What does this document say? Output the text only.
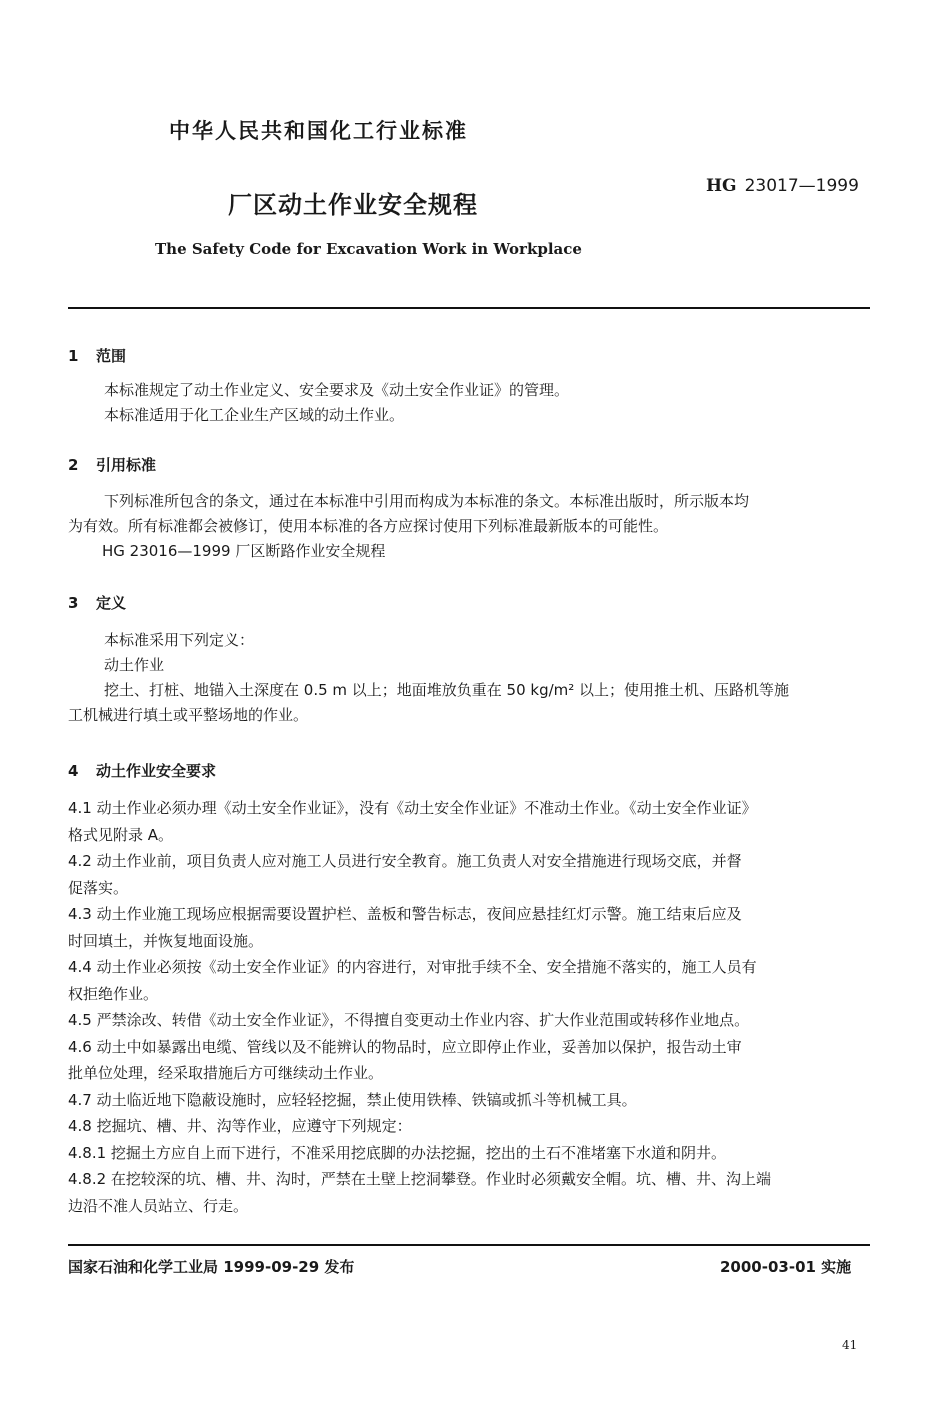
中华人民共和国化工行业标准
厂区动土作业安全规程
HG 23017—1999
The Safety Code for Excavation Work in Workplace
1 范围

本标准规定了动土作业定义、安全要求及《动土安全作业证》的管理。

本标准适用于化工企业生产区域的动土作业。

2 引用标准

下列标准所包含的条文，通过在本标准中引用而构成为本标准的条文。本标准出版时，所示版本均

为有效。所有标准都会被修订，使用本标准的各方应探讨使用下列标准最新版本的可能性。

HG 23016—1999 厂区断路作业安全规程

3 定义

本标准采用下列定义：

动土作业

挖土、打桩、地锚入土深度在 0.5 m 以上；地面堆放负重在 50 kg/m² 以上；使用推土机、压路机等施

工机械进行填土或平整场地的作业。

4 动土作业安全要求

4.1 动土作业必须办理《动土安全作业证》，没有《动土安全作业证》不准动土作业。《动土安全作业证》

格式见附录 A。

4.2 动土作业前，项目负责人应对施工人员进行安全教育。施工负责人对安全措施进行现场交底，并督

促落实。

4.3 动土作业施工现场应根据需要设置护栏、盖板和警告标志，夜间应悬挂红灯示警。施工结束后应及

时回填土，并恢复地面设施。

4.4 动土作业必须按《动土安全作业证》的内容进行，对审批手续不全、安全措施不落实的，施工人员有

权拒绝作业。

4.5 严禁涂改、转借《动土安全作业证》，不得擅自变更动土作业内容、扩大作业范围或转移作业地点。

4.6 动土中如暴露出电缆、管线以及不能辨认的物品时，应立即停止作业，妥善加以保护，报告动土审

批单位处理，经采取措施后方可继续动土作业。

4.7 动土临近地下隐蔽设施时，应轻轻挖掘，禁止使用铁棒、铁镐或抓斗等机械工具。

4.8 挖掘坑、槽、井、沟等作业，应遵守下列规定：

4.8.1 挖掘土方应自上而下进行，不准采用挖底脚的办法挖掘，挖出的土石不准堵塞下水道和阴井。

4.8.2 在挖较深的坑、槽、井、沟时，严禁在土壁上挖洞攀登。作业时必须戴安全帽。坑、槽、井、沟上端

边沿不准人员站立、行走。

国家石油和化学工业局 1999-09-29 发布	2000-03-01 实施
41
